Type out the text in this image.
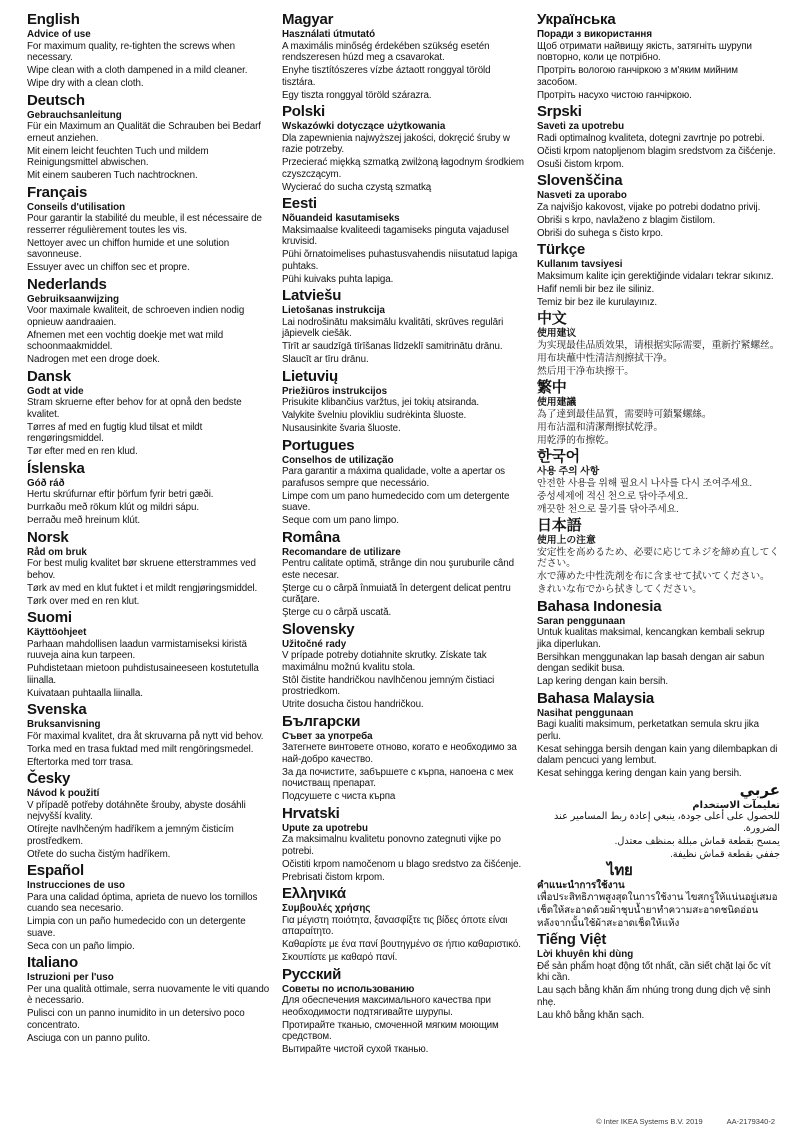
English
Advice of use

For maximum quality, re-tighten the screws when necessary.

Wipe clean with a cloth dampened in a mild cleaner.

Wipe dry with a clean cloth.

Deutsch
Gebrauchsanleitung

Für ein Maximum an Qualität die Schrauben bei Bedarf erneut anziehen.

Mit einem leicht feuchten Tuch und mildem Reinigungsmittel abwischen.

Mit einem sauberen Tuch nachtrocknen.

Français
Conseils d'utilisation

Pour garantir la stabilité du meuble, il est nécessaire de resserrer régulièrement toutes les vis.

Nettoyer avec un chiffon humide et une solution savonneuse.

Essuyer avec un chiffon sec et propre.

Nederlands
Gebruiksaanwijzing

Voor maximale kwaliteit, de schroeven indien nodig opnieuw aandraaien.

Afnemen met een vochtig doekje met wat mild schoonmaakmiddel.

Nadrogen met een droge doek.

Dansk
Godt at vide

Stram skruerne efter behov for at opnå den bedste kvalitet.

Tørres af med en fugtig klud tilsat et mildt rengøringsmiddel.

Tør efter med en ren klud.

Íslenska
Góð ráð

Hertu skrúfurnar eftir þörfum fyrir betri gæði.

Þurrkaðu með rökum klút og mildri sápu.

Þerraðu með hreinum klút.

Norsk
Råd om bruk

For best mulig kvalitet bør skruene etterstrammes ved behov.

Tørk av med en klut fuktet i et mildt rengjøringsmiddel.

Tørk over med en ren klut.

Suomi
Käyttöohjeet

Parhaan mahdollisen laadun varmistamiseksi kiristä ruuveja aina kun tarpeen.

Puhdistetaan mietoon puhdistusaineeseen kostutetulla liinalla.

Kuivataan puhtaalla liinalla.

Svenska
Bruksanvisning

För maximal kvalitet, dra åt skruvarna på nytt vid behov.

Torka med en trasa fuktad med milt rengöringsmedel.

Eftertorka med torr trasa.

Česky
Návod k použití

V případě potřeby dotáhněte šrouby, abyste dosáhli nejvyšší kvality.

Otírejte navlhčeným hadříkem a jemným čisticím prostředkem.

Otřete do sucha čistým hadříkem.

Español
Instrucciones de uso

Para una calidad óptima, aprieta de nuevo los tornillos cuando sea necesario.

Limpia con un paño humedecido con un detergente suave.

Seca con un paño limpio.

Italiano
Istruzioni per l'uso

Per una qualità ottimale, serra nuovamente le viti quando è necessario.

Pulisci con un panno inumidito in un detersivo poco concentrato.

Asciuga con un panno pulito.

Magyar
Használati útmutató

A maximális minőség érdekében szükség esetén rendszeresen húzd meg a csavarokat.

Enyhe tisztítószeres vízbe áztaott ronggyal töröld tisztára.

Egy tiszta ronggyal töröld szárazra.

Polski
Wskazówki dotyczące użytkowania

Dla zapewnienia najwyższej jakości, dokręcić śruby w razie potrzeby.

Przecierać miękką szmatką zwilżoną łagodnym środkiem czyszczącym.

Wycierać do sucha czystą szmatką

Eesti
Nõuandeid kasutamiseks

Maksimaalse kvaliteedi tagamiseks pinguta vajadusel kruvisid.

Pühi õrnatoimelises puhastusvahendis niisutatud lapiga puhtaks.

Pühi kuivaks puhta lapiga.

Latviešu
Lietošanas instrukcija

Lai nodrošinātu maksimālu kvalitāti, skrūves regulāri jāpievelk ciešāk.

Tīrīt ar saudzīgā tīrīšanas līdzeklī samitrinātu drānu.

Slaucīt ar tīru drānu.

Lietuvių
Priežiūros instrukcijos

Prisukite klibančius varžtus, jei tokių atsiranda.

Valykite švelniu plovikliu sudrėkinta šluoste.

Nusausinkite švaria šluoste.

Portugues
Conselhos de utilização

Para garantir a máxima qualidade, volte a apertar os parafusos sempre que necessário.

Limpe com um pano humedecido com um detergente suave.

Seque com um pano limpo.

Româna
Recomandare de utilizare

Pentru calitate optimă, strânge din nou şuruburile când este necesar.

Şterge cu o cârpă înmuiată în detergent delicat pentru curăţare.

Şterge cu o cârpă uscată.

Slovensky
Užitočné rady

V prípade potreby dotiahnite skrutky. Získate tak maximálnu možnú kvalitu stola.

Stôl čistite handričkou navlhčenou jemným čistiaci prostriedkom.

Utrite dosucha čistou handričkou.

Български
Съвет за употреба

Затегнете винтовете отново, когато е необходимо за най-добро качество.

За да почистите, забършете с кърпа, напоена с мек почистващ препарат.

Подсушете с чиста кърпа

Hrvatski
Upute za upotrebu

Za maksimalnu kvalitetu ponovno zategnuti vijke po potrebi.

Očistiti krpom namočenom u blago sredstvo za čišćenje.

Prebrisati čistom krpom.

Ελληνικά
Συμβουλές χρήσης

Για μέγιστη ποιότητα, ξανασφίξτε τις βίδες όποτε είναι απαραίτητο.

Καθαρίστε με ένα πανί βουτηγμένο σε ήπιο καθαριστικό.

Σκουπίστε με καθαρό πανί.

Русский
Советы по использованию

Для обеспечения максимального качества при необходимости подтягивайте шурупы.

Протирайте тканью, смоченной мягким моющим средством.

Вытирайте чистой сухой тканью.

Українська
Поради з використання

Щоб отримати найвищу якість, затягніть шурупи повторно, коли це потрібно.

Протріть вологою ганчіркою з м'яким мийним засобом.

Протріть насухо чистою ганчіркою.

Srpski
Saveti za upotrebu

Radi optimalnog kvaliteta, dotegni zavrtnje po potrebi.

Očisti krpom natopljenom blagim sredstvom za čišćenje.

Osuši čistom krpom.

Slovenščina
Nasveti za uporabo

Za najvišjo kakovost, vijake po potrebi dodatno privij.

Obriši s krpo, navlaženo z blagim čistilom.

Obriši do suhega s čisto krpo.

Türkçe
Kullanım tavsiyesi

Maksimum kalite için gerektiğinde vidaları tekrar sıkınız.

Hafif nemli bir bez ile siliniz.

Temiz bir bez ile kurulayınız.

中文
使用建议

为实现最佳品质效果，请根据实际需要，重新拧紧螺丝。

用布块蘸中性清洁剂擦拭干净。

然后用干净布块擦干。

繁中
使用建議

為了達到最佳品質，需要時可鎖緊螺絲。

用布沾溫和清潔劑擦拭乾淨。

用乾淨的布擦乾。

한국어
사용 주의 사항

안전한 사용을 위해 필요시 나사를 다시 조여주세요.

중성세제에 적신 천으로 닦아주세요.

깨끗한 천으로 물기를 닦아주세요.

日本語
使用上の注意

安定性を高めるため、必要に応じてネジを締め直してください。

水で薄めた中性洗剤を布に含ませて拭いてください。

きれいな布でから拭きしてください。

Bahasa Indonesia
Saran penggunaan

Untuk kualitas maksimal, kencangkan kembali sekrup jika diperlukan.

Bersihkan menggunakan lap basah dengan air sabun dengan sedikit busa.

Lap kering dengan kain bersih.

Bahasa Malaysia
Nasihat penggunaan

Bagi kualiti maksimum, perketatkan semula skru jika perlu.

Kesat sehingga bersih dengan kain yang dilembapkan di dalam pencuci yang lembut.

Kesat sehingga kering dengan kain yang bersih.

عربي
تعليمآت الاستخدام

للحصول على أعلى جودة، ينبغي إعادة ربط المسامير عند الضرورة.

يمسح بقطعة قماش مبللة بمنظف معتدل.

جففي بقطعة قماش نظيفة.

ไทย
คำแนะนำการใช้งาน

เพื่อประสิทธิภาพสูงสุดในการใช้งาน ไขสกรูให้แน่นอยู่เสมอ

เช็ดให้สะอาดด้วยผ้าชุบน้ำยาทำความสะอาดชนิดอ่อน

หลังจากนั้นใช้ผ้าสะอาดเช็ดให้แห้ง

Tiếng Việt
Lời khuyên khi dùng

Để sản phẩm hoạt động tốt nhất, cần siết chặt lại ốc vít khi cần.

Lau sạch bằng khăn ấm nhúng trong dung dịch vệ sinh nhẹ.

Lau khô bằng khăn sạch.

© Inter IKEA Systems B.V. 2019	AA-2179340-2
